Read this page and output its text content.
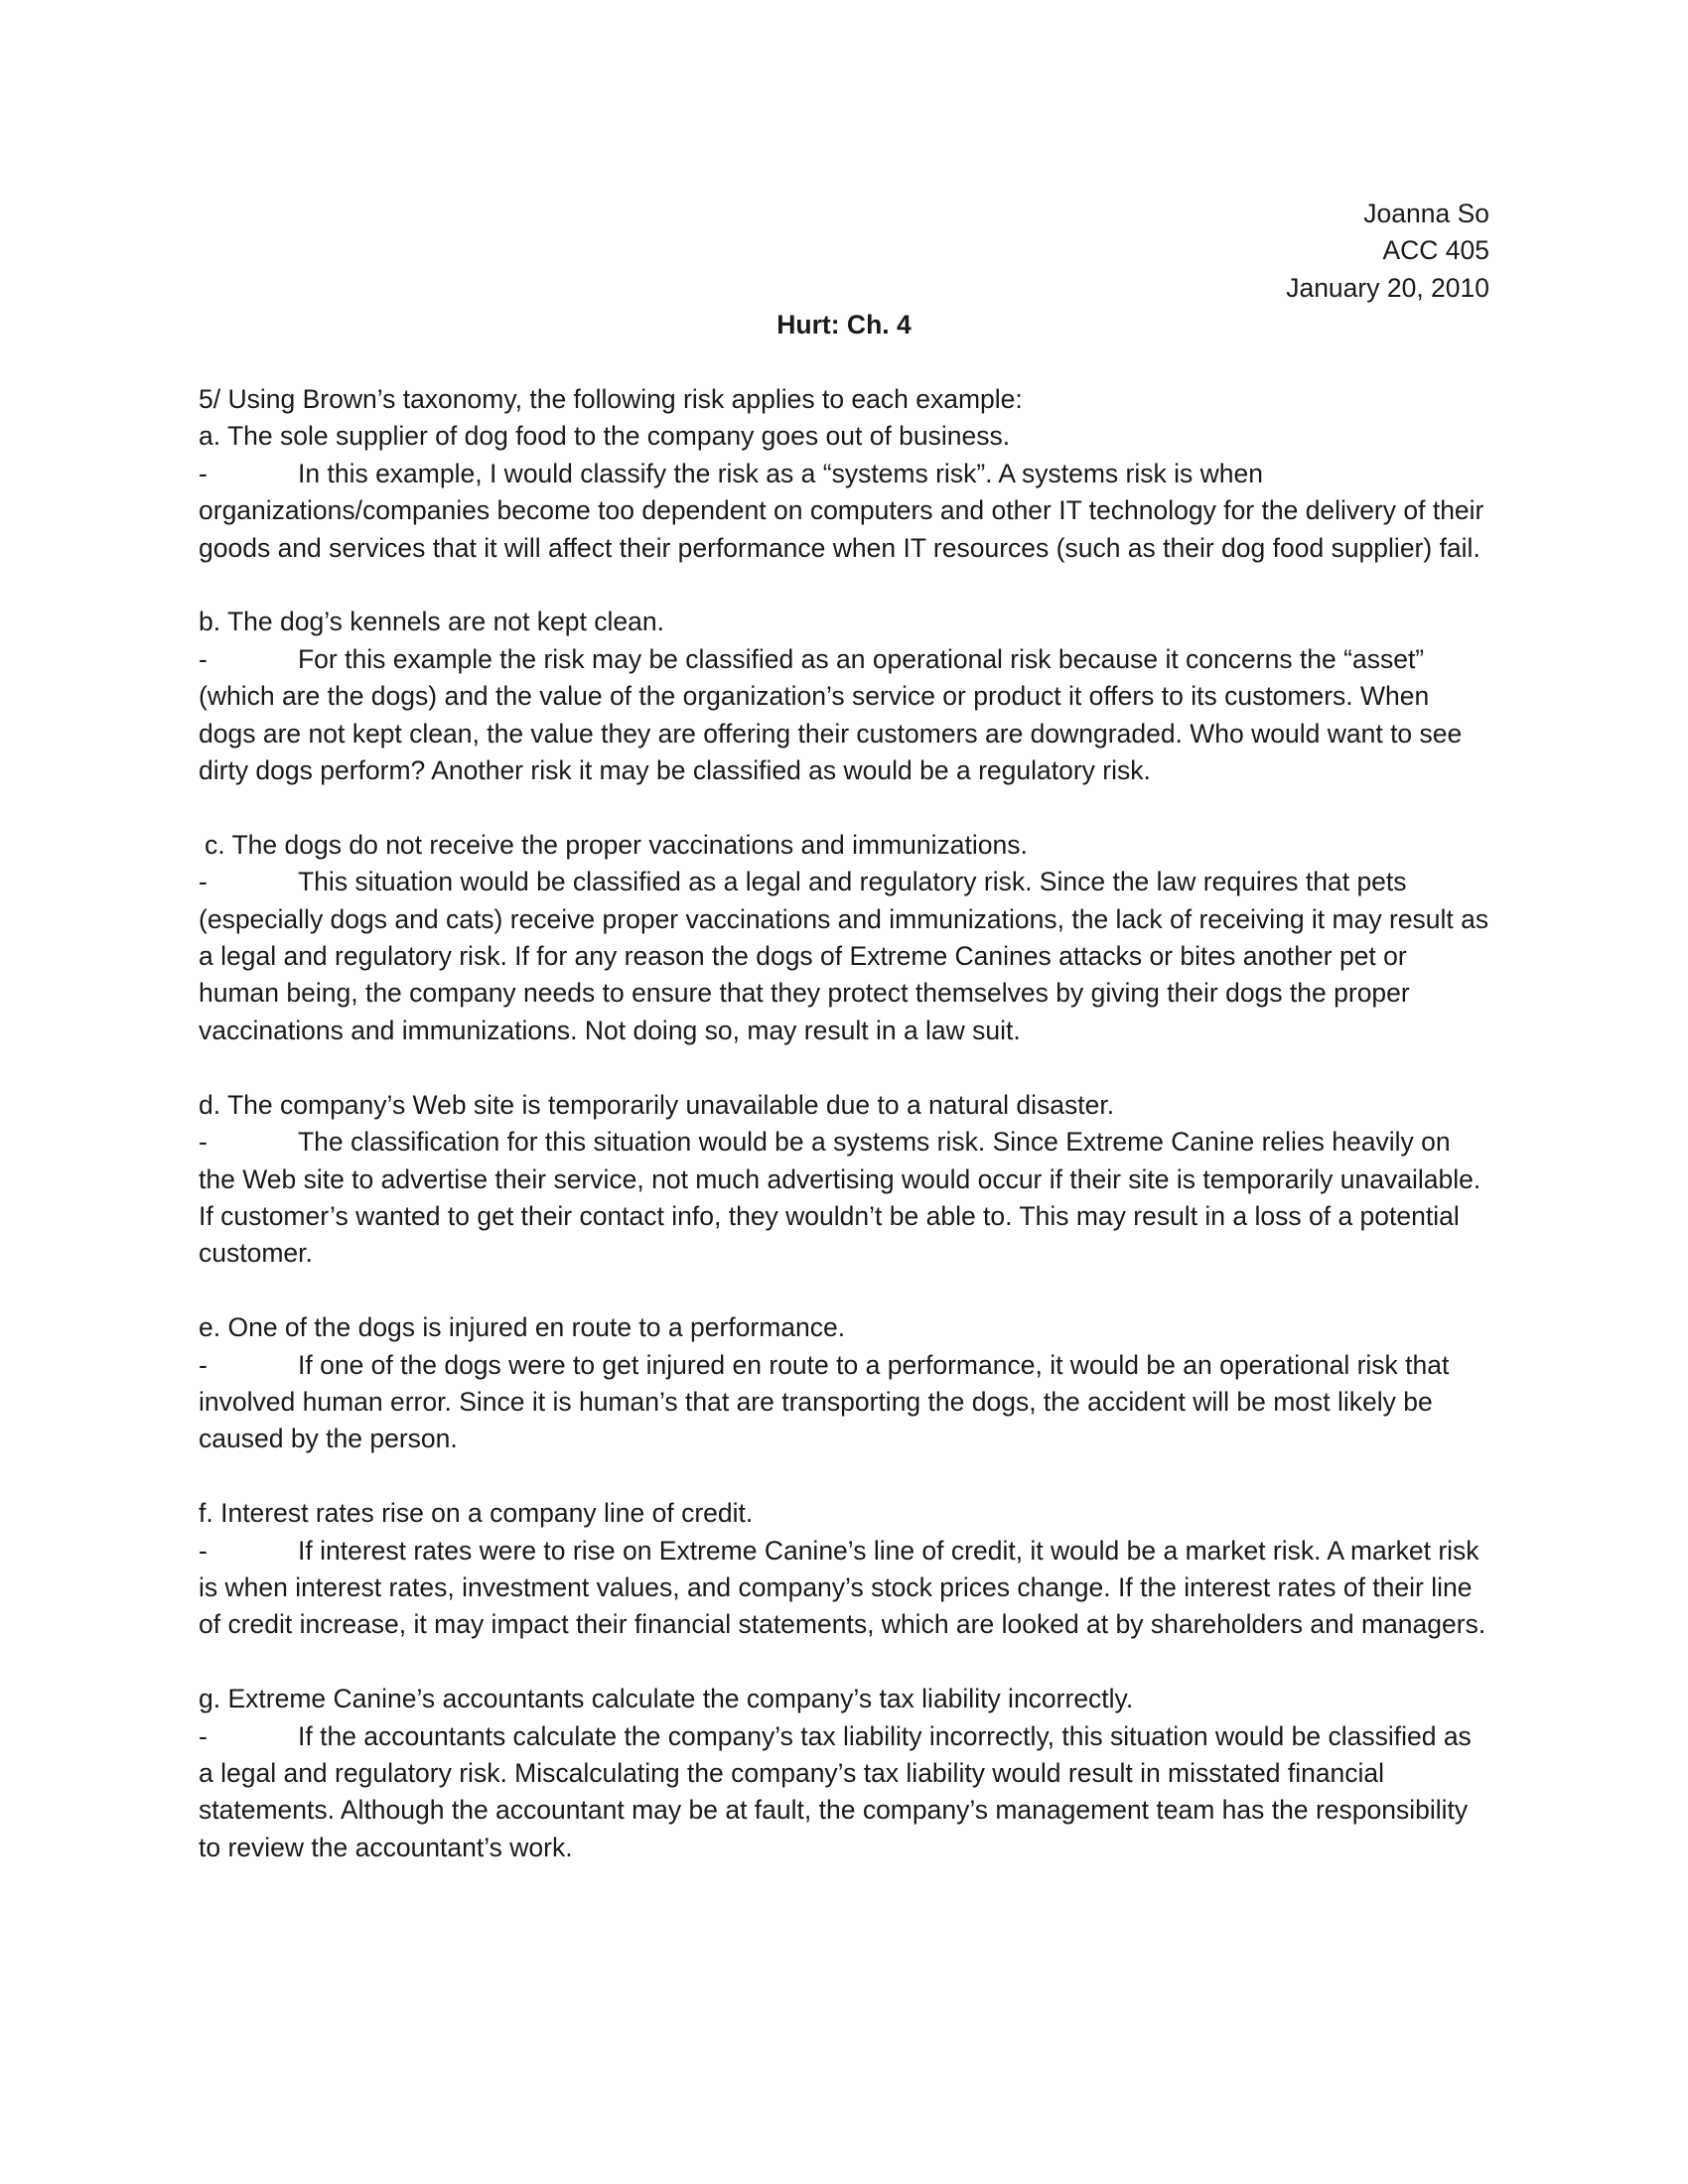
Joanna So
ACC 405
January 20, 2010

Hurt: Ch. 4

5/ Using Brown’s taxonomy, the following risk applies to each example:

a. The sole supplier of dog food to the company goes out of business.

-	In this example, I would classify the risk as a “systems risk”. A systems risk is when organizations/companies become too dependent on computers and other IT technology for the delivery of their goods and services that it will affect their performance when IT resources (such as their dog food supplier) fail.

b. The dog’s kennels are not kept clean.

-	For this example the risk may be classified as an operational risk because it concerns the “asset” (which are the dogs) and the value of the organization’s service or product it offers to its customers. When dogs are not kept clean, the value they are offering their customers are downgraded. Who would want to see dirty dogs perform? Another risk it may be classified as would be a regulatory risk.

c. The dogs do not receive the proper vaccinations and immunizations.

-	This situation would be classified as a legal and regulatory risk. Since the law requires that pets (especially dogs and cats) receive proper vaccinations and immunizations, the lack of receiving it may result as a legal and regulatory risk. If for any reason the dogs of Extreme Canines attacks or bites another pet or human being, the company needs to ensure that they protect themselves by giving their dogs the proper vaccinations and immunizations. Not doing so, may result in a law suit.

d. The company’s Web site is temporarily unavailable due to a natural disaster.

-	The classification for this situation would be a systems risk. Since Extreme Canine relies heavily on the Web site to advertise their service, not much advertising would occur if their site is temporarily unavailable. If customer’s wanted to get their contact info, they wouldn’t be able to. This may result in a loss of a potential customer.

e. One of the dogs is injured en route to a performance.

-	If one of the dogs were to get injured en route to a performance, it would be an operational risk that involved human error. Since it is human’s that are transporting the dogs, the accident will be most likely be caused by the person.

f. Interest rates rise on a company line of credit.

-	If interest rates were to rise on Extreme Canine’s line of credit, it would be a market risk. A market risk is when interest rates, investment values, and company’s stock prices change. If the interest rates of their line of credit increase, it may impact their financial statements, which are looked at by shareholders and managers.

g. Extreme Canine’s accountants calculate the company’s tax liability incorrectly.

-	If the accountants calculate the company’s tax liability incorrectly, this situation would be classified as a legal and regulatory risk. Miscalculating the company’s tax liability would result in misstated financial statements. Although the accountant may be at fault, the company’s management team has the responsibility to review the accountant’s work.
